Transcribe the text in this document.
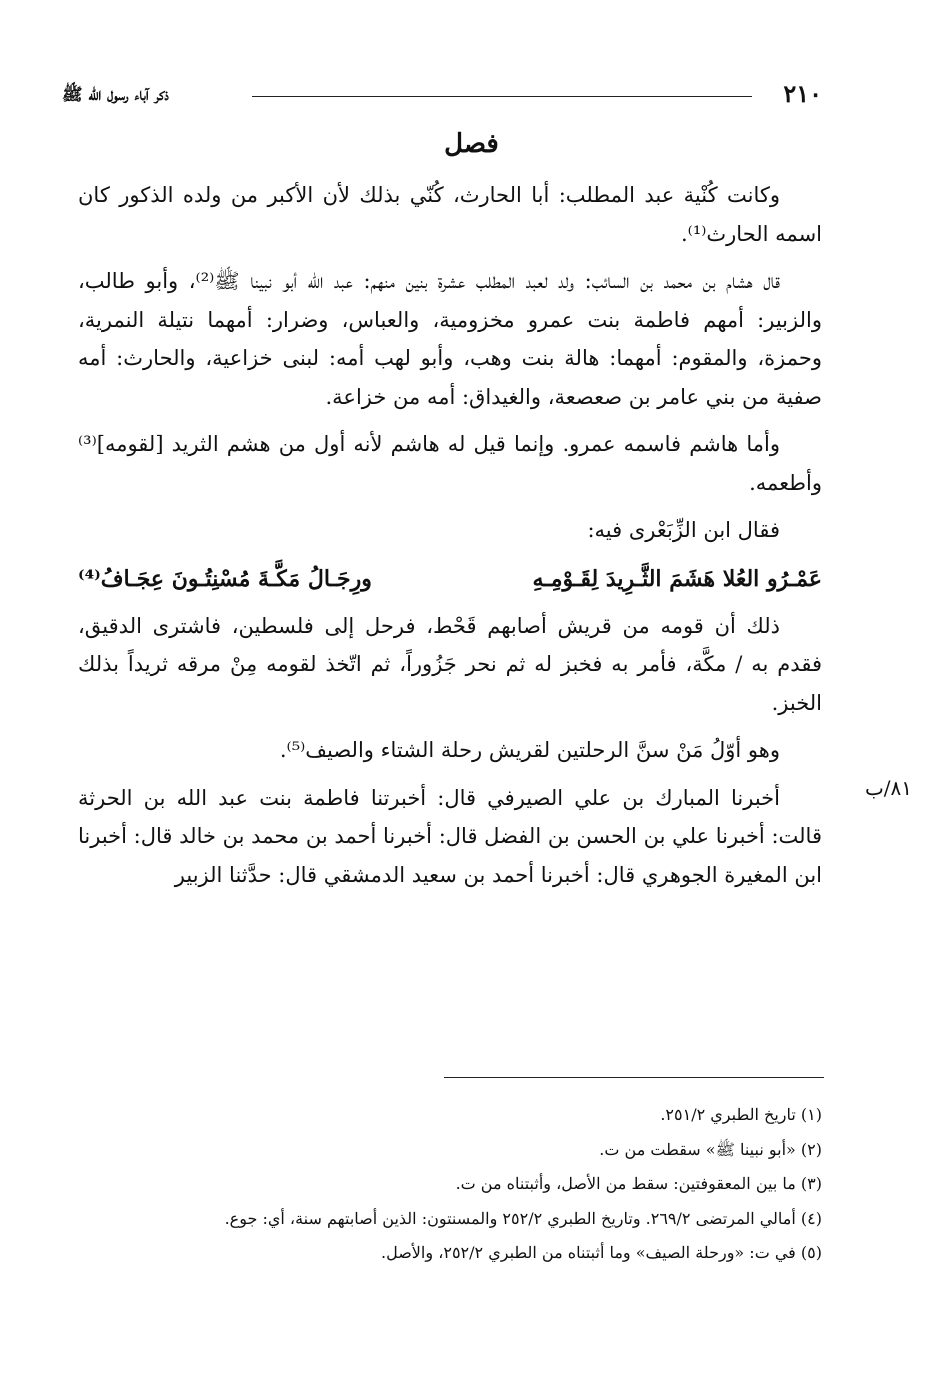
٢١٠
ذكر آباء رسول الله ﷺ
فصل

وكانت كُنْية عبد المطلب: أبا الحارث، كُنّي بذلك لأن الأكبر من ولده الذكور كان اسمه الحارث⁽¹⁾.

قال هشام بن محمد بن السائب: ولد لعبد المطلب عشرة بنين منهم: عبد الله أبو نبينا ﷺ⁽²⁾، وأبو طالب، والزبير: أمهم فاطمة بنت عمرو مخزومية، والعباس، وضرار: أمهما نتيلة النمرية، وحمزة، والمقوم: أمهما: هالة بنت وهب، وأبو لهب أمه: لبنى خزاعية، والحارث: أمه صفية من بني عامر بن صعصعة، والغيداق: أمه من خزاعة.

وأما هاشم فاسمه عمرو. وإنما قيل له هاشم لأنه أول من هشم الثريد [لقومه]⁽³⁾ وأطعمه.

فقال ابن الزِّبَعْرى فيه:

عَمْـرُو العُلا هَشَمَ الثَّـرِيدَ لِقَـوْمِـهِ
ورِجَـالُ مَكَّـةَ مُسْنِتُـونَ عِجَـافُ⁽⁴⁾

ذلك أن قومه من قريش أصابهم قَحْط، فرحل إلى فلسطين، فاشترى الدقيق، فقدم به / مكَّة، فأمر به فخبز له ثم نحر جَزُوراً، ثم اتّخذ لقومه مِنْ مرقه ثريداً بذلك الخبز.

وهو أوّلُ مَنْ سنَّ الرحلتين لقريش رحلة الشتاء والصيف⁽⁵⁾.

أخبرنا المبارك بن علي الصيرفي قال: أخبرتنا فاطمة بنت عبد الله بن الحرثة قالت: أخبرنا علي بن الحسن بن الفضل قال: أخبرنا أحمد بن محمد بن خالد قال: أخبرنا ابن المغيرة الجوهري قال: أخبرنا أحمد بن سعيد الدمشقي قال: حدَّثنا الزبير

٨١/ب

(١) تاريخ الطبري ٢٥١/٢.

(٢) «أبو نبينا ﷺ» سقطت من ت.

(٣) ما بين المعقوفتين: سقط من الأصل، وأثبتناه من ت.

(٤) أمالي المرتضى ٢٦٩/٢. وتاريخ الطبري ٢٥٢/٢ والمسنتون: الذين أصابتهم سنة، أي: جوع.

(٥) في ت: «ورحلة الصيف» وما أثبتناه من الطبري ٢٥٢/٢، والأصل.
